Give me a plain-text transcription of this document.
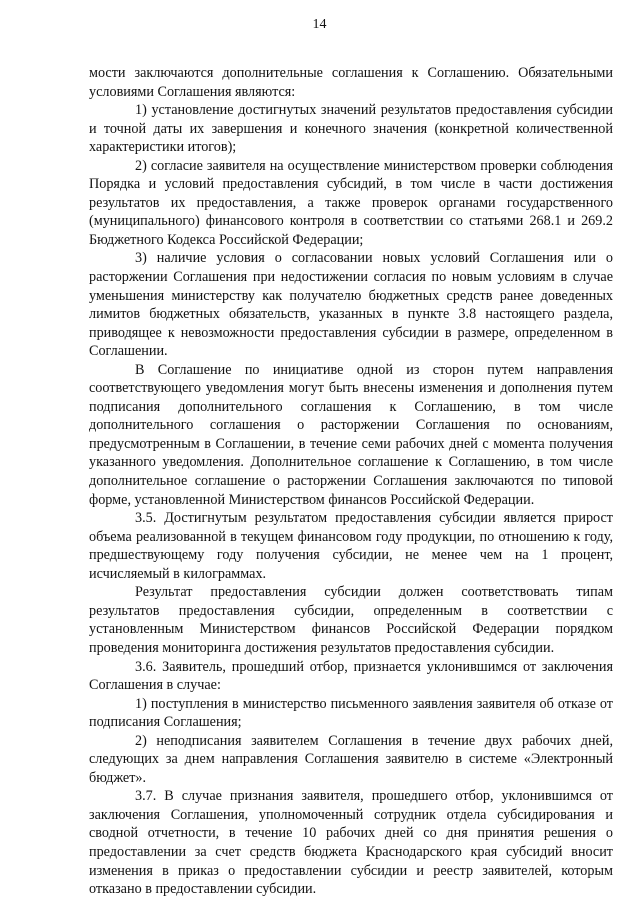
14

мости заключаются дополнительные соглашения к Соглашению. Обязательными условиями Соглашения являются:

1) установление достигнутых значений результатов предоставления субсидии и точной даты их завершения и конечного значения (конкретной количественной характеристики итогов);

2) согласие заявителя на осуществление министерством проверки соблюдения Порядка и условий предоставления субсидий, в том числе в части достижения результатов их предоставления, а также проверок органами государственного (муниципального) финансового контроля в соответствии со статьями 268.1 и 269.2 Бюджетного Кодекса Российской Федерации;

3) наличие условия о согласовании новых условий Соглашения или о расторжении Соглашения при недостижении согласия по новым условиям в случае уменьшения министерству как получателю бюджетных средств ранее доведенных лимитов бюджетных обязательств, указанных в пункте 3.8 настоящего раздела, приводящее к невозможности предоставления субсидии в размере, определенном в Соглашении.

В Соглашение по инициативе одной из сторон путем направления соответствующего уведомления могут быть внесены изменения и дополнения путем подписания дополнительного соглашения к Соглашению, в том числе дополнительного соглашения о расторжении Соглашения по основаниям, предусмотренным в Соглашении, в течение семи рабочих дней с момента получения указанного уведомления. Дополнительное соглашение к Соглашению, в том числе дополнительное соглашение о расторжении Соглашения заключаются по типовой форме, установленной Министерством финансов Российской Федерации.

3.5. Достигнутым результатом предоставления субсидии является прирост объема реализованной в текущем финансовом году продукции, по отношению к году, предшествующему году получения субсидии, не менее чем на 1 процент, исчисляемый в килограммах.

Результат предоставления субсидии должен соответствовать типам результатов предоставления субсидии, определенным в соответствии с установленным Министерством финансов Российской Федерации порядком проведения мониторинга достижения результатов предоставления субсидии.

3.6. Заявитель, прошедший отбор, признается уклонившимся от заключения Соглашения в случае:

1) поступления в министерство письменного заявления заявителя об отказе от подписания Соглашения;

2) неподписания заявителем Соглашения в течение двух рабочих дней, следующих за днем направления Соглашения заявителю в системе «Электронный бюджет».

3.7. В случае признания заявителя, прошедшего отбор, уклонившимся от заключения Соглашения, уполномоченный сотрудник отдела субсидирования и сводной отчетности, в течение 10 рабочих дней со дня принятия решения о предоставлении за счет средств бюджета Краснодарского края субсидий вносит изменения в приказ о предоставлении субсидии и реестр заявителей, которым отказано в предоставлении субсидии.
